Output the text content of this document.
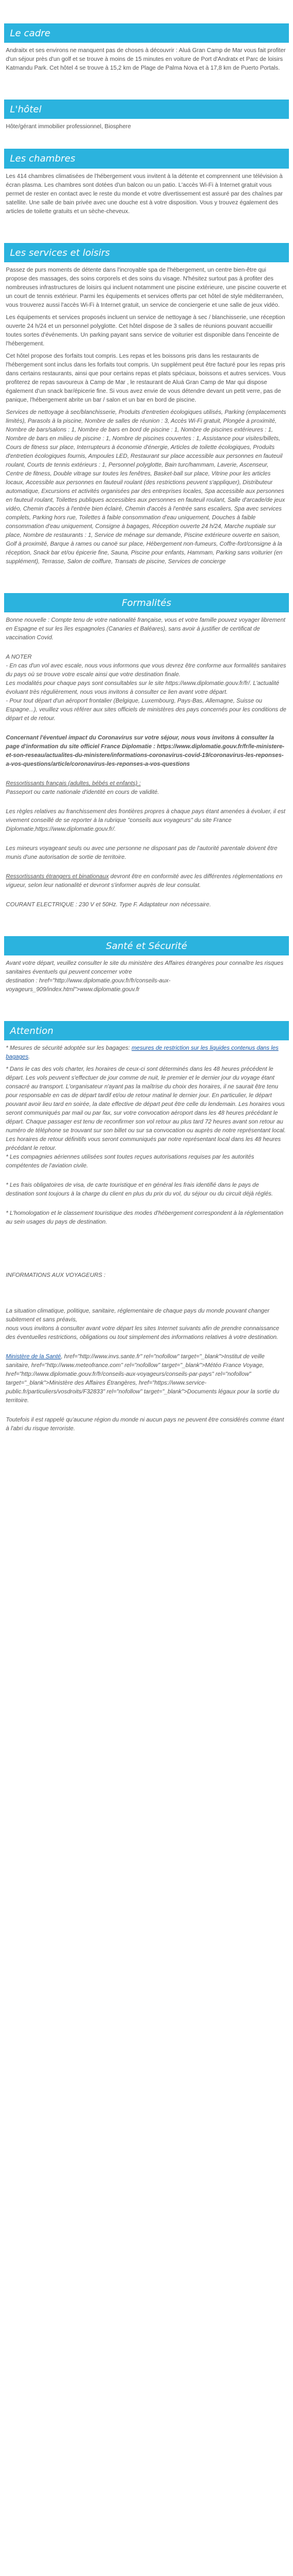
Le cadre

Andraitx et ses environs ne manquent pas de choses à découvrir : Aluá Gran Camp de Mar vous fait profiter d'un séjour près d'un golf et se trouve à moins de 15 minutes en voiture de Port d'Andratx et Parc de loisirs Katmandu Park. Cet hôtel 4 se trouve à 15,2 km de Plage de Palma Nova et à 17,8 km de Puerto Portals.

L'hôtel

Hôte/gérant immobilier professionnel, Biosphere

Les chambres

Les 414 chambres climatisées de l'hébergement vous invitent à la détente et comprennent une télévision à écran plasma. Les chambres sont dotées d'un balcon ou un patio. L'accès Wi-Fi à Internet gratuit vous permet de rester en contact avec le reste du monde et votre divertissement est assuré par des chaînes par satellite. Une salle de bain privée avec une douche est à votre disposition. Vous y trouvez également des articles de toilette gratuits et un sèche-cheveux.

Les services et loisirs

Passez de purs moments de détente dans l'incroyable spa de l'hébergement, un centre bien-être qui propose des massages, des soins corporels et des soins du visage. N'hésitez surtout pas à profiter des nombreuses infrastructures de loisirs qui incluent notamment une piscine extérieure, une piscine couverte et un court de tennis extérieur. Parmi les équipements et services offerts par cet hôtel de style méditerranéen, vous trouverez aussi l'accès Wi-Fi à Internet gratuit, un service de conciergerie et une salle de jeux vidéo.

Les équipements et services proposés incluent un service de nettoyage à sec / blanchisserie, une réception ouverte 24 h/24 et un personnel polyglotte. Cet hôtel dispose de 3 salles de réunions pouvant accueillir toutes sortes d'événements. Un parking payant sans service de voiturier est disponible dans l'enceinte de l'hébergement.

Cet hôtel propose des forfaits tout compris. Les repas et les boissons pris dans les restaurants de l'hébergement sont inclus dans les forfaits tout compris. Un supplément peut être facturé pour les repas pris dans certains restaurants, ainsi que pour certains repas et plats spéciaux, boissons et autres services. Vous profiterez de repas savoureux à Camp de Mar , le restaurant de Aluá Gran Camp de Mar qui dispose également d'un snack bar/épicerie fine. Si vous avez envie de vous détendre devant un petit verre, pas de panique, l'hébergement abrite un bar / salon et un bar en bord de piscine.

Services de nettoyage à sec/blanchisserie, Produits d'entretien écologiques utilisés, Parking (emplacements limités), Parasols à la piscine, Nombre de salles de réunion : 3, Accès Wi-Fi gratuit, Plongée à proximité, Nombre de bars/salons : 1, Nombre de bars en bord de piscine : 1, Nombre de piscines extérieures : 1, Nombre de bars en milieu de piscine : 1, Nombre de piscines couvertes : 1, Assistance pour visites/billets, Cours de fitness sur place, Interrupteurs à économie d'énergie, Articles de toilette écologiques, Produits d'entretien écologiques fournis, Ampoules LED, Restaurant sur place accessible aux personnes en fauteuil roulant, Courts de tennis extérieurs : 1, Personnel polyglotte, Bain turc/hammam, Laverie, Ascenseur, Centre de fitness, Double vitrage sur toutes les fenêtres, Basket-ball sur place, Vitrine pour les articles locaux, Accessible aux personnes en fauteuil roulant (des restrictions peuvent s'appliquer), Distributeur automatique, Excursions et activités organisées par des entreprises locales, Spa accessible aux personnes en fauteuil roulant, Toilettes publiques accessibles aux personnes en fauteuil roulant, Salle d'arcade/de jeux vidéo, Chemin d'accès à l'entrée bien éclairé, Chemin d'accès à l'entrée sans escaliers, Spa avec services complets, Parking hors rue, Toilettes à faible consommation d'eau uniquement, Douches à faible consommation d'eau uniquement, Consigne à bagages, Réception ouverte 24 h/24, Marche nuptiale sur place, Nombre de restaurants : 1, Service de ménage sur demande, Piscine extérieure ouverte en saison, Golf à proximité, Barque à rames ou canoë sur place, Hébergement non-fumeurs, Coffre-fort/consigne à la réception, Snack bar et/ou épicerie fine, Sauna, Piscine pour enfants, Hammam, Parking sans voiturier (en supplément), Terrasse, Salon de coiffure, Transats de piscine, Services de concierge

Formalités

Bonne nouvelle : Compte tenu de votre nationalité française, vous et votre famille pouvez voyager librement en Espagne et sur les îles espagnoles (Canaries et Baléares), sans avoir à justifier de certificat de vaccination Covid.

A NOTER

- En cas d'un vol avec escale, nous vous informons que vous devrez être conforme aux formalités sanitaires du pays où se trouve votre escale ainsi que votre destination finale.
Les modalités pour chaque pays sont consultables sur le site https://www.diplomatie.gouv.fr/fr/. L'actualité évoluant très régulièrement, nous vous invitons à consulter ce lien avant votre départ.
- Pour tout départ d'un aéroport frontalier (Belgique, Luxembourg, Pays-Bas, Allemagne, Suisse ou Espagne...), veuillez vous référer aux sites officiels de ministères des pays concernés pour les conditions de départ et de retour.

Concernant l'éventuel impact du Coronavirus sur votre séjour, nous vous invitons à consulter la page d'information du site officiel France Diplomatie : https://www.diplomatie.gouv.fr/fr/le-ministere-et-son-reseau/actualites-du-ministere/informations-coronavirus-covid-19/coronavirus-les-reponses-a-vos-questions/article/coronavirus-les-reponses-a-vos-questions

Ressortissants français (adultes, bébés et enfants) :

Passeport ou carte nationale d'identité en cours de validité.

Les règles relatives au franchissement des frontières propres à chaque pays étant amenées à évoluer, il est vivement conseillé de se reporter à la rubrique "conseils aux voyageurs" du site France Diplomatie,https://www.diplomatie.gouv.fr/.

Les mineurs voyageant seuls ou avec une personne ne disposant pas de l'autorité parentale doivent être munis d'une autorisation de sortie de territoire.

Ressortissants étrangers et binationaux devront être en conformité avec les différentes réglementations en vigueur, selon leur nationalité et devront s'informer auprès de leur consulat.

COURANT ELECTRIQUE : 230 V et 50Hz. Type F. Adaptateur non nécessaire.

Santé et Sécurité

Avant votre départ, veuillez consulter le site du ministère des Affaires étrangères pour connaître les risques sanitaires éventuels qui peuvent concerner votre
destination : href="http://www.diplomatie.gouv.fr/fr/conseils-aux-voyageurs_909/index.html">www.diplomatie.gouv.fr

Attention

* Mesures de sécurité adoptée sur les bagages: mesures de restriction sur les liquides contenus dans les bagages.

* Dans le cas des vols charter, les horaires de ceux-ci sont déterminés dans les 48 heures précédent le départ. Les vols peuvent s'effectuer de jour comme de nuit, le premier et le dernier jour du voyage étant consacré au transport. L'organisateur n'ayant pas la maîtrise du choix des horaires, il ne saurait être tenu pour responsable en cas de départ tardif et/ou de retour matinal le dernier jour. En particulier, le départ pouvant avoir lieu tard en soirée, la date effective de départ peut être celle du lendemain. Les horaires vous seront communiqués par mail ou par fax, sur votre convocation aéroport dans les 48 heures précédant le départ. Chaque passager est tenu de reconfirmer son vol retour au plus tard 72 heures avant son retour au numéro de téléphone se trouvant sur son billet ou sur sa convocation ou auprès de notre représentant local. Les horaires de retour définitifs vous seront communiqués par notre représentant local dans les 48 heures précédant le retour.
* Les compagnies aériennes utilisées sont toutes reçues autorisations requises par les autorités compétentes de l'aviation civile.

* Les frais obligatoires de visa, de carte touristique et en général les frais identifié dans le pays de destination sont toujours à la charge du client en plus du prix du vol, du séjour ou du circuit déjà réglés.

* L'homologation et le classement touristique des modes d'hébergement correspondent à la réglementation au sein usages du pays de destination.

INFORMATIONS AUX VOYAGEURS :

La situation climatique, politique, sanitaire, réglementaire de chaque pays du monde pouvant changer subitement et sans préavis,
nous vous invitons à consulter avant votre départ les sites Internet suivants afin de prendre connaissance des éventuelles restrictions, obligations ou tout simplement des informations relatives à votre destination.

Ministère de la Santé, href="http://www.invs.sante.fr" rel="nofollow" target="_blank">Institut de veille sanitaire, href="http://www.meteofrance.com" rel="nofollow" target="_blank">Météo France Voyage, href="http://www.diplomatie.gouv.fr/fr/conseils-aux-voyageurs/conseils-par-pays" rel="nofollow" target="_blank">Ministère des Affaires Étrangères, href="https://www.service-public.fr/particuliers/vosdroits/F32833" rel="nofollow" target="_blank">Documents légaux pour la sortie du territoire.

Toutefois il est rappelé qu'aucune région du monde ni aucun pays ne peuvent être considérés comme étant à l'abri du risque terroriste.
